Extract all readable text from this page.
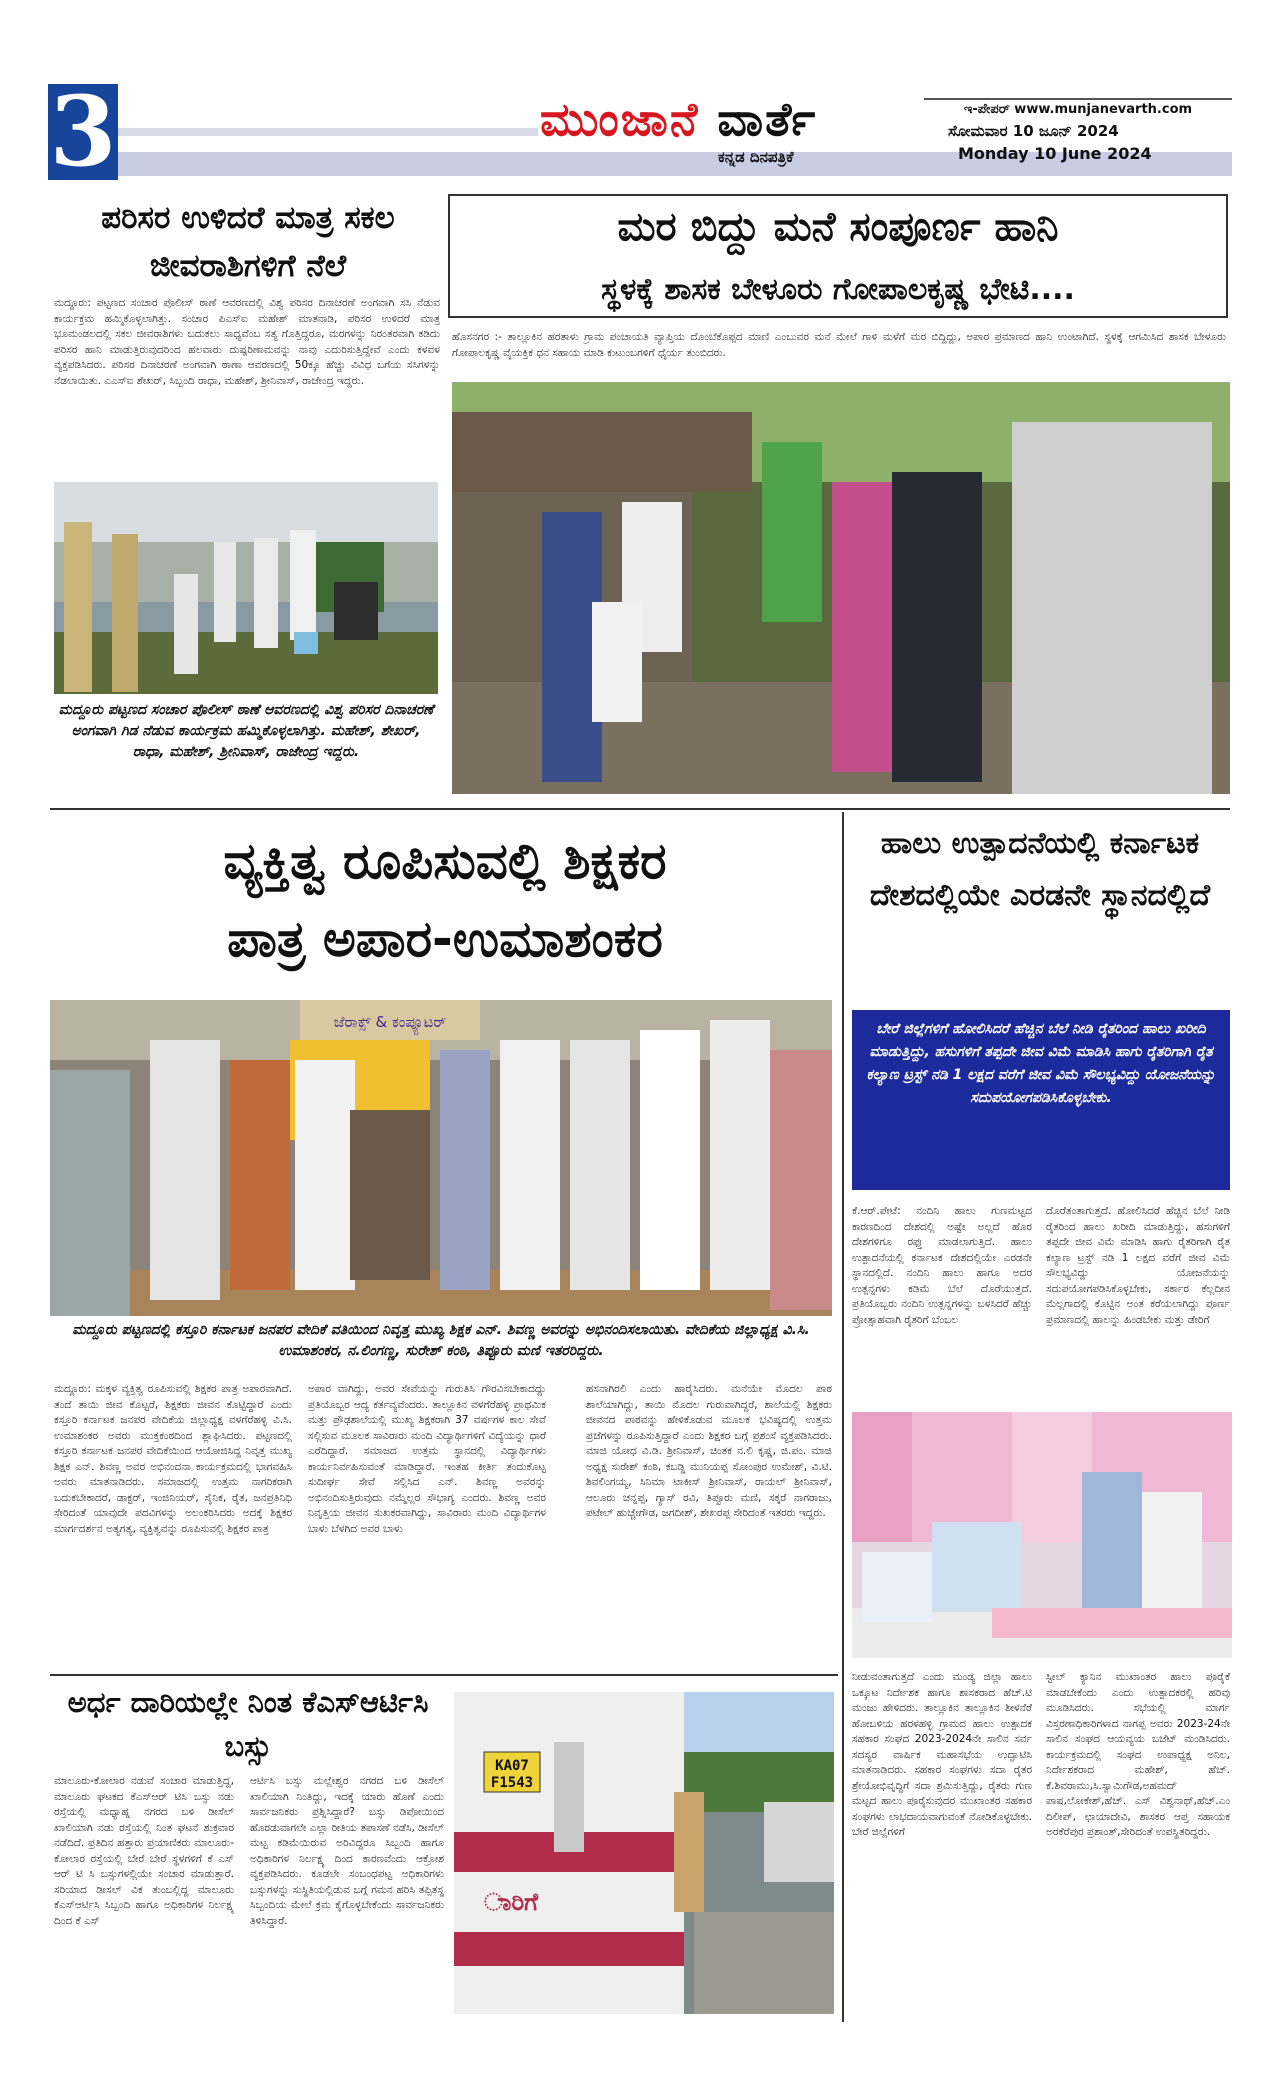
3	ಮುಂಜಾನೆ ವಾರ್ತೆ
ಕನ್ನಡ ದಿನಪತ್ರಿಕೆ
ಇ-ಪೇಪರ್ www.munjanevarth.com
ಸೋಮವಾರ 10 ಜೂನ್ 2024
Monday 10 June 2024
ಪರಿಸರ ಉಳಿದರೆ ಮಾತ್ರ ಸಕಲ ಜೀವರಾಶಿಗಳಿಗೆ ನೆಲೆ
ಮದ್ದೂರು: ಪಟ್ಟಣದ ಸಂಚಾರ ಪೊಲೀಸ್ ಠಾಣೆ ಆವರಣದಲ್ಲಿ ವಿಶ್ವ ಪರಿಸರ ದಿನಾಚರಣೆ ಅಂಗವಾಗಿ ಸಸಿ ನೆಡುವ ಕಾರ್ಯಕ್ರಮ ಹಮ್ಮಿಕೊಳ್ಳಲಾಗಿತ್ತು. ಸಂಚಾರ ಪಿಎಸ್ಐ ಮಹೇಶ್ ಮಾತನಾಡಿ, ಪರಿಸರ ಉಳಿದರೆ ಮಾತ್ರ ಭೂಮಂಡಲದಲ್ಲಿ ಸಕಲ ಜೀವರಾಶಿಗಳು ಬದುಕಲು ಸಾಧ್ಯವೆಂಬ ಸತ್ಯ ಗೊತ್ತಿದ್ದರೂ, ಮರಗಳನ್ನು ನಿರಂತರವಾಗಿ ಕಡಿದು ಪರಿಸರ ಹಾನಿ ಮಾಡುತ್ತಿರುವುದರಿಂದ ಹಲವಾರು ದುಷ್ಪರಿಣಾಮವನ್ನು ನಾವು ಎದುರಿಸುತ್ತಿದ್ದೇವೆ ಎಂದು ಕಳವಳ ವ್ಯಕ್ತಪಡಿಸಿದರು. ಪರಿಸರ ದಿನಾಚರಣೆ ಅಂಗವಾಗಿ ಠಾಣಾ ಆವರಣದಲ್ಲಿ 50ಕ್ಕೂ ಹೆಚ್ಚು ವಿವಿಧ ಬಗೆಯ ಸಸಿಗಳನ್ನು ನೆಡಲಾಯಿತು. ಎಎಸ್ಐ ಶೇಖರ್, ಸಿಬ್ಬಂದಿ ರಾಧಾ, ಮಹೇಶ್, ಶ್ರೀನಿವಾಸ್, ರಾಜೇಂದ್ರ ಇದ್ದರು.
ಮದ್ದೂರು ಪಟ್ಟಣದ ಸಂಚಾರ ಪೊಲೀಸ್ ಠಾಣೆ ಆವರಣದಲ್ಲಿ ವಿಶ್ವ ಪರಿಸರ ದಿನಾಚರಣೆ ಅಂಗವಾಗಿ ಗಿಡ ನೆಡುವ ಕಾರ್ಯಕ್ರಮ ಹಮ್ಮಿಕೊಳ್ಳಲಾಗಿತ್ತು. ಮಹೇಶ್, ಶೇಖರ್, ರಾಧಾ, ಮಹೇಶ್, ಶ್ರೀನಿವಾಸ್, ರಾಜೇಂದ್ರ ಇದ್ದರು.
ಮರ ಬಿದ್ದು ಮನೆ ಸಂಪೂರ್ಣ ಹಾನಿ
ಸ್ಥಳಕ್ಕೆ ಶಾಸಕ ಬೇಳೂರು ಗೋಪಾಲಕೃಷ್ಣ ಭೇಟಿ....
ಹೊಸನಗರ :- ತಾಲ್ಲೂಕಿನ ಹರತಾಳು ಗ್ರಾಮ ಪಂಚಾಯತಿ ವ್ಯಾಪ್ತಿಯ ದೊಂಬೆಕೊಪ್ಪದ ಮಾಣಿ ಎಂಬುವರ ಮನೆ ಮೇಲೆ ಗಾಳಿ ಮಳೆಗೆ ಮರ ಬಿದ್ದಿದ್ದು, ಅಪಾರ ಪ್ರಮಾಣದ ಹಾನಿ ಉಂಟಾಗಿದೆ. ಸ್ಥಳಕ್ಕೆ ಆಗಮಿಸಿದ ಶಾಸಕ ಬೇಳೂರು ಗೋಪಾಲಕೃಷ್ಣ ವೈಯಕ್ತಿಕ ಧನ ಸಹಾಯ ಮಾಡಿ ಕುಟುಂಬಗಳಿಗೆ ಧೈರ್ಯ ತುಂಬಿದರು.
ವ್ಯಕ್ತಿತ್ವ ರೂಪಿಸುವಲ್ಲಿ ಶಿಕ್ಷಕರ
ಪಾತ್ರ ಅಪಾರ-ಉಮಾಶಂಕರ
ಜೆರಾಕ್ಸ್ & ಕಂಪ್ಯೂಟರ್
ಮದ್ದೂರು ಪಟ್ಟಣದಲ್ಲಿ ಕಸ್ತೂರಿ ಕರ್ನಾಟಕ ಜನಪರ ವೇದಿಕೆ ವತಿಯಿಂದ ನಿವೃತ್ತ ಮುಖ್ಯ ಶಿಕ್ಷಕ ಎನ್. ಶಿವಣ್ಣ ಅವರನ್ನು ಅಭಿನಂದಿಸಲಾಯಿತು. ವೇದಿಕೆಯ ಜಿಲ್ಲಾಧ್ಯಕ್ಷ ವಿ.ಸಿ. ಉಮಾಶಂಕರ, ನ.ಲಿಂಗಣ್ಣ, ಸುರೇಶ್ ಕಂಠಿ, ತಿಪ್ಪೂರು ಮಣಿ ಇತರರಿದ್ದರು.
ಮದ್ದೂರು: ಮಕ್ಕಳ ವ್ಯಕ್ತಿತ್ವ ರೂಪಿಸುವಲ್ಲಿ ಶಿಕ್ಷಕರ ಪಾತ್ರ ಅಪಾರವಾಗಿದೆ. ತಂದೆ ತಾಯಿ ಜೀವ ಕೊಟ್ಟರೆ, ಶಿಕ್ಷಕರು ಜೀವನ ಕೊಟ್ಟಿದ್ದಾರೆ ಎಂದು ಕಸ್ತೂರಿ ಕರ್ನಾಟಕ ಜನಪರ ವೇದಿಕೆಯ ಜಿಲ್ಲಾಧ್ಯಕ್ಷ ವಳಗೆರೆಹಳ್ಳಿ ವಿ.ಸಿ. ಉಮಾಶಂಕರ ಅವರು ಮುಕ್ತಕಂಠದಿಂದ ಶ್ಲಾಘಿಸಿದರು. ಪಟ್ಟಣದಲ್ಲಿ ಕಸ್ತೂರಿ ಕರ್ನಾಟಕ ಜನಪರ ವೇದಿಕೆಯಿಂದ ಆಯೋಜಿಸಿದ್ದ ನಿವೃತ್ತ ಮುಖ್ಯ ಶಿಕ್ಷಕ ಎನ್. ಶಿವಣ್ಣ ಅವರ ಅಭಿನಂದನಾ ಕಾರ್ಯಕ್ರಮದಲ್ಲಿ ಭಾಗವಹಿಸಿ ಅವರು ಮಾತನಾಡಿದರು. ಸಮಾಜದಲ್ಲಿ ಉತ್ತಮ ನಾಗರಿಕರಾಗಿ ಬದುಕಬೇಕಾದರೆ, ಡಾಕ್ಟರ್, ಇಂಜಿನಿಯರ್, ಸೈನಿಕ, ರೈತ, ಜನಪ್ರತಿನಿಧಿ ಸೇರಿದಂತೆ ಯಾವುದೇ ಪದವಿಗಳನ್ನು ಅಲಂಕರಿಸಿದರು ಅದಕ್ಕೆ ಶಿಕ್ಷಕರ ಮಾರ್ಗದರ್ಶನ ಅತ್ಯಗತ್ಯ, ವ್ಯಕ್ತಿತ್ವವನ್ನು ರೂಪಿಸುವಲ್ಲಿ ಶಿಕ್ಷಕರ ಪಾತ್ರ
ಅಪಾರ ವಾಗಿದ್ದು, ಅವರ ಸೇವೆಯನ್ನು ಗುರುತಿಸಿ ಗೌರವಿಸಬೇಕಾದದ್ದು ಪ್ರತಿಯೊಬ್ಬರ ಆದ್ಯ ಕರ್ತವ್ಯವೆಂದರು. ತಾಲ್ಲೂಕಿನ ವಳಗೆರೆಹಳ್ಳಿ ಪ್ರಾಥಮಿಕ ಮತ್ತು ಪ್ರೌಢಶಾಲೆಯಲ್ಲಿ ಮುಖ್ಯ ಶಿಕ್ಷಕರಾಗಿ 37 ವರ್ಷಗಳ ಕಾಲ ಸೇವೆ ಸಲ್ಲಿಸುವ ಮೂಲಕ ಸಾವಿರಾರು ಮಂದಿ ವಿದ್ಯಾರ್ಥಿಗಳಿಗೆ ವಿದ್ಯೆಯನ್ನು ಧಾರೆ ಎರೆದಿದ್ದಾರೆ. ಸಮಾಜದ ಉತ್ತಮ ಸ್ಥಾನದಲ್ಲಿ ವಿದ್ಯಾರ್ಥಿಗಳು ಕಾರ್ಯನಿರ್ವಹಿಸುವಂತೆ ಮಾಡಿದ್ದಾರೆ. ಇಂತಹ ಕೀರ್ತಿ ತಂದುಕೊಟ್ಟ ಸುದೀರ್ಘ ಸೇವೆ ಸಲ್ಲಿಸಿದ ಎನ್. ಶಿವಣ್ಣ ಅವರನ್ನು ಅಭಿನಂದಿಸುತ್ತಿರುವುದು ನಮ್ಮೆಲ್ಲರ ಸೌಭಾಗ್ಯ ಎಂದರು. ಶಿವಣ್ಣ ಅವರ ನಿವೃತ್ತಿಯ ಜೀವನ ಸುಖಕರವಾಗಿದ್ದು, ಸಾವಿರಾರು ಮಂದಿ ವಿದ್ಯಾರ್ಥಿಗಳ ಬಾಳು ಬೆಳಗಿದ ಅವರ ಬಾಳು
ಹಸನಾಗಿರಲಿ ಎಂದು ಹಾರೈಸಿದರು. ಮನೆಯೇ ಮೊದಲ ಪಾಠ ಶಾಲೆಯಾಗಿದ್ದು, ತಾಯಿ ಮೊದಲ ಗುರುವಾಗಿದ್ದರೆ, ಶಾಲೆಯಲ್ಲಿ ಶಿಕ್ಷಕರು ಜೀವನದ ಪಾಠವನ್ನು ಹೇಳಿಕೊಡುವ ಮೂಲಕ ಭವಿಷ್ಯದಲ್ಲಿ ಉತ್ತಮ ಪ್ರಜೆಗಳನ್ನು ರೂಪಿಸುತ್ತಿದ್ದಾರೆ ಎಂದು ಶಿಕ್ಷಕರ ಬಗ್ಗೆ ಪ್ರಶಂಸೆ ವ್ಯಕ್ತಪಡಿಸಿದರು. ಮಾಜಿ ಯೋಧ ವಿ.ಡಿ. ಶ್ರೀನಿವಾಸ್, ಚಿಂತಕ ನ.ಲಿ ಕೃಷ್ಣ, ಜಿ.ಪಂ. ಮಾಜಿ ಅಧ್ಯಕ್ಷ ಸುರೇಶ್ ಕಂಠಿ, ಕಬಡ್ಡಿ ಮುನಿಯಪ್ಪ ಸೋಂಪುರ ಉಮೇಶ್, ವಿ.ಟಿ. ಶಿವಲಿಂಗಯ್ಯ, ಸಿನಿಮಾ ಟಾಕೀಸ್ ಶ್ರೀನಿವಾಸ್, ರಾಯಲ್ ಶ್ರೀನಿವಾಸ್, ಆಲೂರು ಚನ್ನಪ್ಪ, ಗ್ಯಾಸ್ ರವಿ, ತಿಪ್ಪೂರು ಮಣಿ, ಸಕ್ಕರೆ ನಾಗರಾಜು, ಪಟೇಲ್ ಹುಚ್ಚೇಗೌಡ, ಜಗದೀಶ್, ಶೇಖರಪ್ಪ ಸೇರಿದಂತೆ ಇತರರು ಇದ್ದರು.
ಹಾಲು ಉತ್ಪಾದನೆಯಲ್ಲಿ ಕರ್ನಾಟಕ ದೇಶದಲ್ಲಿಯೇ ಎರಡನೇ ಸ್ಥಾನದಲ್ಲಿದೆ
ಬೇರೆ ಜಿಲ್ಲೆಗಳಿಗೆ ಹೋಲಿಸಿದರೆ ಹೆಚ್ಚಿನ ಬೆಲೆ ನೀಡಿ ರೈತರಿಂದ ಹಾಲು ಖರೀದಿ ಮಾಡುತ್ತಿದ್ದು, ಹಸುಗಳಿಗೆ ತಪ್ಪದೇ ಜೀವ ವಿಮೆ ಮಾಡಿಸಿ ಹಾಗು ರೈತರಿಗಾಗಿ ರೈತ ಕಲ್ಯಾಣ ಟ್ರಸ್ಟ್ ನಡಿ 1 ಲಕ್ಷದ ವರೆಗೆ ಜೀವ ವಿಮೆ ಸೌಲಭ್ಯವಿದ್ದು ಯೋಜನೆಯನ್ನು ಸದುಪಯೋಗಪಡಿಸಿಕೊಳ್ಳಬೇಕು.
ಕೆ.ಆರ್.ಪೇಟೆ: ನಂದಿನಿ ಹಾಲು ಗುಣಮಟ್ಟದ ಕಾರಣದಿಂದ ದೇಶದಲ್ಲಿ ಅಷ್ಟೇ ಅಲ್ಲದೆ ಹೊರ ದೇಶಗಳಿಗೂ ರಫ್ತು ಮಾಡಲಾಗುತ್ತಿದೆ. ಹಾಲು ಉತ್ಪಾದನೆಯಲ್ಲಿ ಕರ್ನಾಟಕ ದೇಶದಲ್ಲಿಯೇ ಎರಡನೇ ಸ್ಥಾನದಲ್ಲಿದೆ. ನಂದಿನಿ ಹಾಲು ಹಾಗೂ ಅದರ ಉತ್ಪನ್ನಗಳು ಕಡಿಮೆ ಬೆಲೆ ದೊರೆಯುತ್ತದೆ. ಪ್ರತಿಯೊಬ್ಬರು ನಂದಿನಿ ಉತ್ಪನ್ನಗಳನ್ನು ಬಳಸಿದರೆ ಹೆಚ್ಚು ಪ್ರೋತ್ಸಾಹವಾಗಿ ರೈತರಿಗೆ ಬೆಂಬಲ
ದೊರೆತಂತಾಗುತ್ತದೆ. ಹೋಲಿಸಿದರೆ ಹೆಚ್ಚಿನ ಬೆಲೆ ನೀಡಿ ರೈತರಿಂದ ಹಾಲು ಖರೀದಿ ಮಾಡುತ್ತಿದ್ದು, ಹಸುಗಳಿಗೆ ತಪ್ಪದೇ ಜೀವ ವಿಮೆ ಮಾಡಿಸಿ ಹಾಗು ರೈತರಿಗಾಗಿ ರೈತ ಕಲ್ಯಾಣ ಟ್ರಸ್ಟ್ ನಡಿ 1 ಲಕ್ಷದ ವರೆಗೆ ಜೀವ ವಿಮೆ ಸೌಲಭ್ಯವಿದ್ದು ಯೋಜನೆಯನ್ನು ಸದುಪಯೋಗಪಡಿಸಿಕೊಳ್ಳಬೇಕು, ಸರ್ಕಾರ ಕೆಲ್ಲದೀನ ಮೆಲ್ಲಗಾದಲ್ಲಿ ಕೊಟ್ಟಿನ ಅಂತ ಕರೆಯಲಾಗಿದ್ದು ಪೂರ್ಣ ಪ್ರಮಾಣದಲ್ಲಿ ಹಾಲನ್ನು ಹಿಂಡಬೇಕು ಮತ್ತು ಡೇರಿಗೆ
ನೀಡುವಂತಾಗುತ್ತದೆ ಎಂದು ಮಂಡ್ಯ ಜಿಲ್ಲಾ ಹಾಲು ಒಕ್ಕೂಟ ನಿರ್ದೇಶಕ ಹಾಗೂ ಶಾಸಕರಾದ ಹೆಚ್.ಟಿ ಮಂಜು ಹೇಳಿದರು. ತಾಲ್ಲೂಕಿನ ತಾಲ್ಲೂಕಿನ ಶೀಳನೆರೆ ಹೋಬಳಿಯ ಹರಳಹಳ್ಳಿ ಗ್ರಾಮದ ಹಾಲು ಉತ್ಪಾದಕ ಸಹಕಾರ ಸಂಘದ 2023-2024ನೇ ಸಾಲಿನ ಸರ್ವ ಸದಸ್ಯರ ವಾರ್ಷಿಕ ಮಹಾಸಭೆಯ ಉದ್ಘಾಟಿಸಿ ಮಾತನಾಡಿದರು. ಸಹಕಾರ ಸಂಘಗಳು ಸದಾ ರೈತರ ಶ್ರೇಯೋಭಿವೃದ್ಧಿಗೆ ಸದಾ ಶ್ರಮಿಸುತ್ತಿದ್ದು, ರೈತರು ಗುಣ ಮಟ್ಟದ ಹಾಲು ಪೂರೈಸುವುದರ ಮುಖಾಂತರ ಸಹಕಾರ ಸಂಘಗಳು ಲಾಭದಾಯವಾಗುವಂತೆ ನೋಡಿಕೊಳ್ಳಬೇಕು. ಬೇರೆ ಜಿಲ್ಲೆಗಳಿಗೆ
ಸ್ಟೀಲ್ ಕ್ಯಾನಿನ ಮುಖಾಂತರ ಹಾಲು ಪೂರೈಕೆ ಮಾಡಬೇಕೆಂದು ಎಂದು ಉತ್ಪಾದಕರಲ್ಲಿ ಹರಿವು ಮೂಡಿಸಿದರು. ಸಭೆಯಲ್ಲಿ ಮಾರ್ಗ ವಿಸ್ತರಣಾಧಿಕಾರಿಗಳಾದ ನಾಗಪ್ಪ ಅವರು 2023-24ನೇ ಸಾಲಿನ ಸಂಘದ ಆಯವ್ಯಯ ಬಜೆಟ್ ಮಂಡಿಸಿದರು. ಕಾರ್ಯಕ್ರಮದಲ್ಲಿ ಸಂಘದ ಉಪಾಧ್ಯಕ್ಷ ಅನಿಲ, ನಿರ್ದೇಶಕರಾದ ಮಹೇಶ್, ಹೆಚ್. ಕೆ.ಶಿವರಾಮು,ಸಿ.ಸ್ವಾಮಿಗೌಡ,ಅಹಮದ್ ಪಾಷ,ಲೋಕೇಶ್,ಹೆಚ್. ಎಸ್ ವಿಶ್ವನಾಥ್,ಹೆಚ್.ಎಂ ದಿಲೀಪ್, ಛಾಯಾದೇವಿ, ಶಾಸಕರ ಆಪ್ತ ಸಹಾಯಕ ಅರಕೆರೆಪುರ ಪ್ರಶಾಂತ್,ಸೇರಿದಂತೆ ಉಪಸ್ಥಿತರಿದ್ದರು.
ಅರ್ಧ ದಾರಿಯಲ್ಲೇ ನಿಂತ ಕೆಎಸ್ಆರ್ಟಿಸಿ ಬಸ್ಸು
ಮಾಲೂರು-ಕೋಲಾರ ನಡುವೆ ಸಂಚಾರ ಮಾಡುತ್ತಿದ್ದ, ಮಾಲೂರು ಘಟಕದ ಕೆಎಸ್ಆರ್ ಟಿಸಿ ಬಸ್ಸು ನಡು ರಸ್ತೆಯಲ್ಲಿ ಮಧ್ಯಾಹ್ನ ನಗರದ ಬಳಿ ಡೀಸೆಲ್ ಖಾಲಿಯಾಗಿ ನಡು ರಸ್ತೆಯಲ್ಲಿ ನಿಂತ ಘಟನೆ ಶುಕ್ರವಾರ ನಡೆದಿದೆ. ಪ್ರತಿದಿನ ಹತ್ತಾರು ಪ್ರಯಾಣಿಕರು ಮಾಲೂರು-ಕೋಲಾರ ರಸ್ತೆಯಲ್ಲಿ ಬೇರೆ ಬೇರೆ ಸ್ಥಳಗಳಿಗೆ ಕೆ ಎಸ್ ಆರ್ ಟಿ ಸಿ ಬಸ್ಸುಗಳಲ್ಲಿಯೇ ಸಂಚಾರ ಮಾಡುತ್ತಾರೆ. ಸರಿಯಾದ ಡೀಸಲ್ ವಿಕ ತುಂಬಲ್ಲಿದ್ದ ಮಾಲೂರು ಕೆಎಸ್ಆರ್ಟಿಸಿ ಸಿಬ್ಬಂದಿ ಹಾಗೂ ಅಧಿಕಾರಿಗಳ ನಿರ್ಲಕ್ಷ್ಯ ದಿಂದ ಕೆ ಎಸ್
ಆರ್ಟಿಸಿ ಬಸ್ಸು ಮಲ್ಲೇಶ್ವರ ನಗರದ ಬಳಿ ಡೀಸೆಲ್ ಖಾಲಿಯಾಗಿ ನಿಂತಿದ್ದು, ಇದಕ್ಕೆ ಯಾರು ಹೊಣೆ ಎಂದು ಸಾರ್ವಜನಿಕರು ಪ್ರಶ್ನಿಸಿದ್ದಾರೆ? ಬಸ್ಸು ಡಿಪೋಯಿಂದ ಹೊರಡುವಾಗಲೇ ಎಲ್ಲಾ ರೀತಿಯ ತಪಾಸಣೆ ನಡೆಸಿ, ಡೀಸೆಲ್ ಮಟ್ಟ ಕಡಿಮೆಯಿರುವ ಅರಿವಿದ್ದರೂ ಸಿಬ್ಬಂದಿ ಹಾಗೂ ಅಧಿಕಾರಿಗಳ ನಿರ್ಲಕ್ಷ್ಯ ದಿಂದ ಕಾರಣವೆಂದು ಆಕ್ರೋಶ ವ್ಯಕ್ತಪಡಿಸಿದರು. ಕೂಡಲೇ ಸಂಬಂಧಪಟ್ಟ ಅಧಿಕಾರಿಗಳು ಬಸ್ಸುಗಳನ್ನು ಸುಸ್ಥಿತಿಯಲ್ಲಿಡುವ ಬಗ್ಗೆ ಗಮನ ಹರಿಸಿ ತಪ್ಪಿತಸ್ಥ ಸಿಬ್ಬಂದಿಯ ಮೇಲೆ ಕ್ರಮ ಕೈಗೊಳ್ಳಬೇಕೆಂದು ಸಾರ್ವಜನಿಕರು ತಿಳಿಸಿದ್ದಾರೆ.
KA07
F1543
ಾರಿಗೆ
